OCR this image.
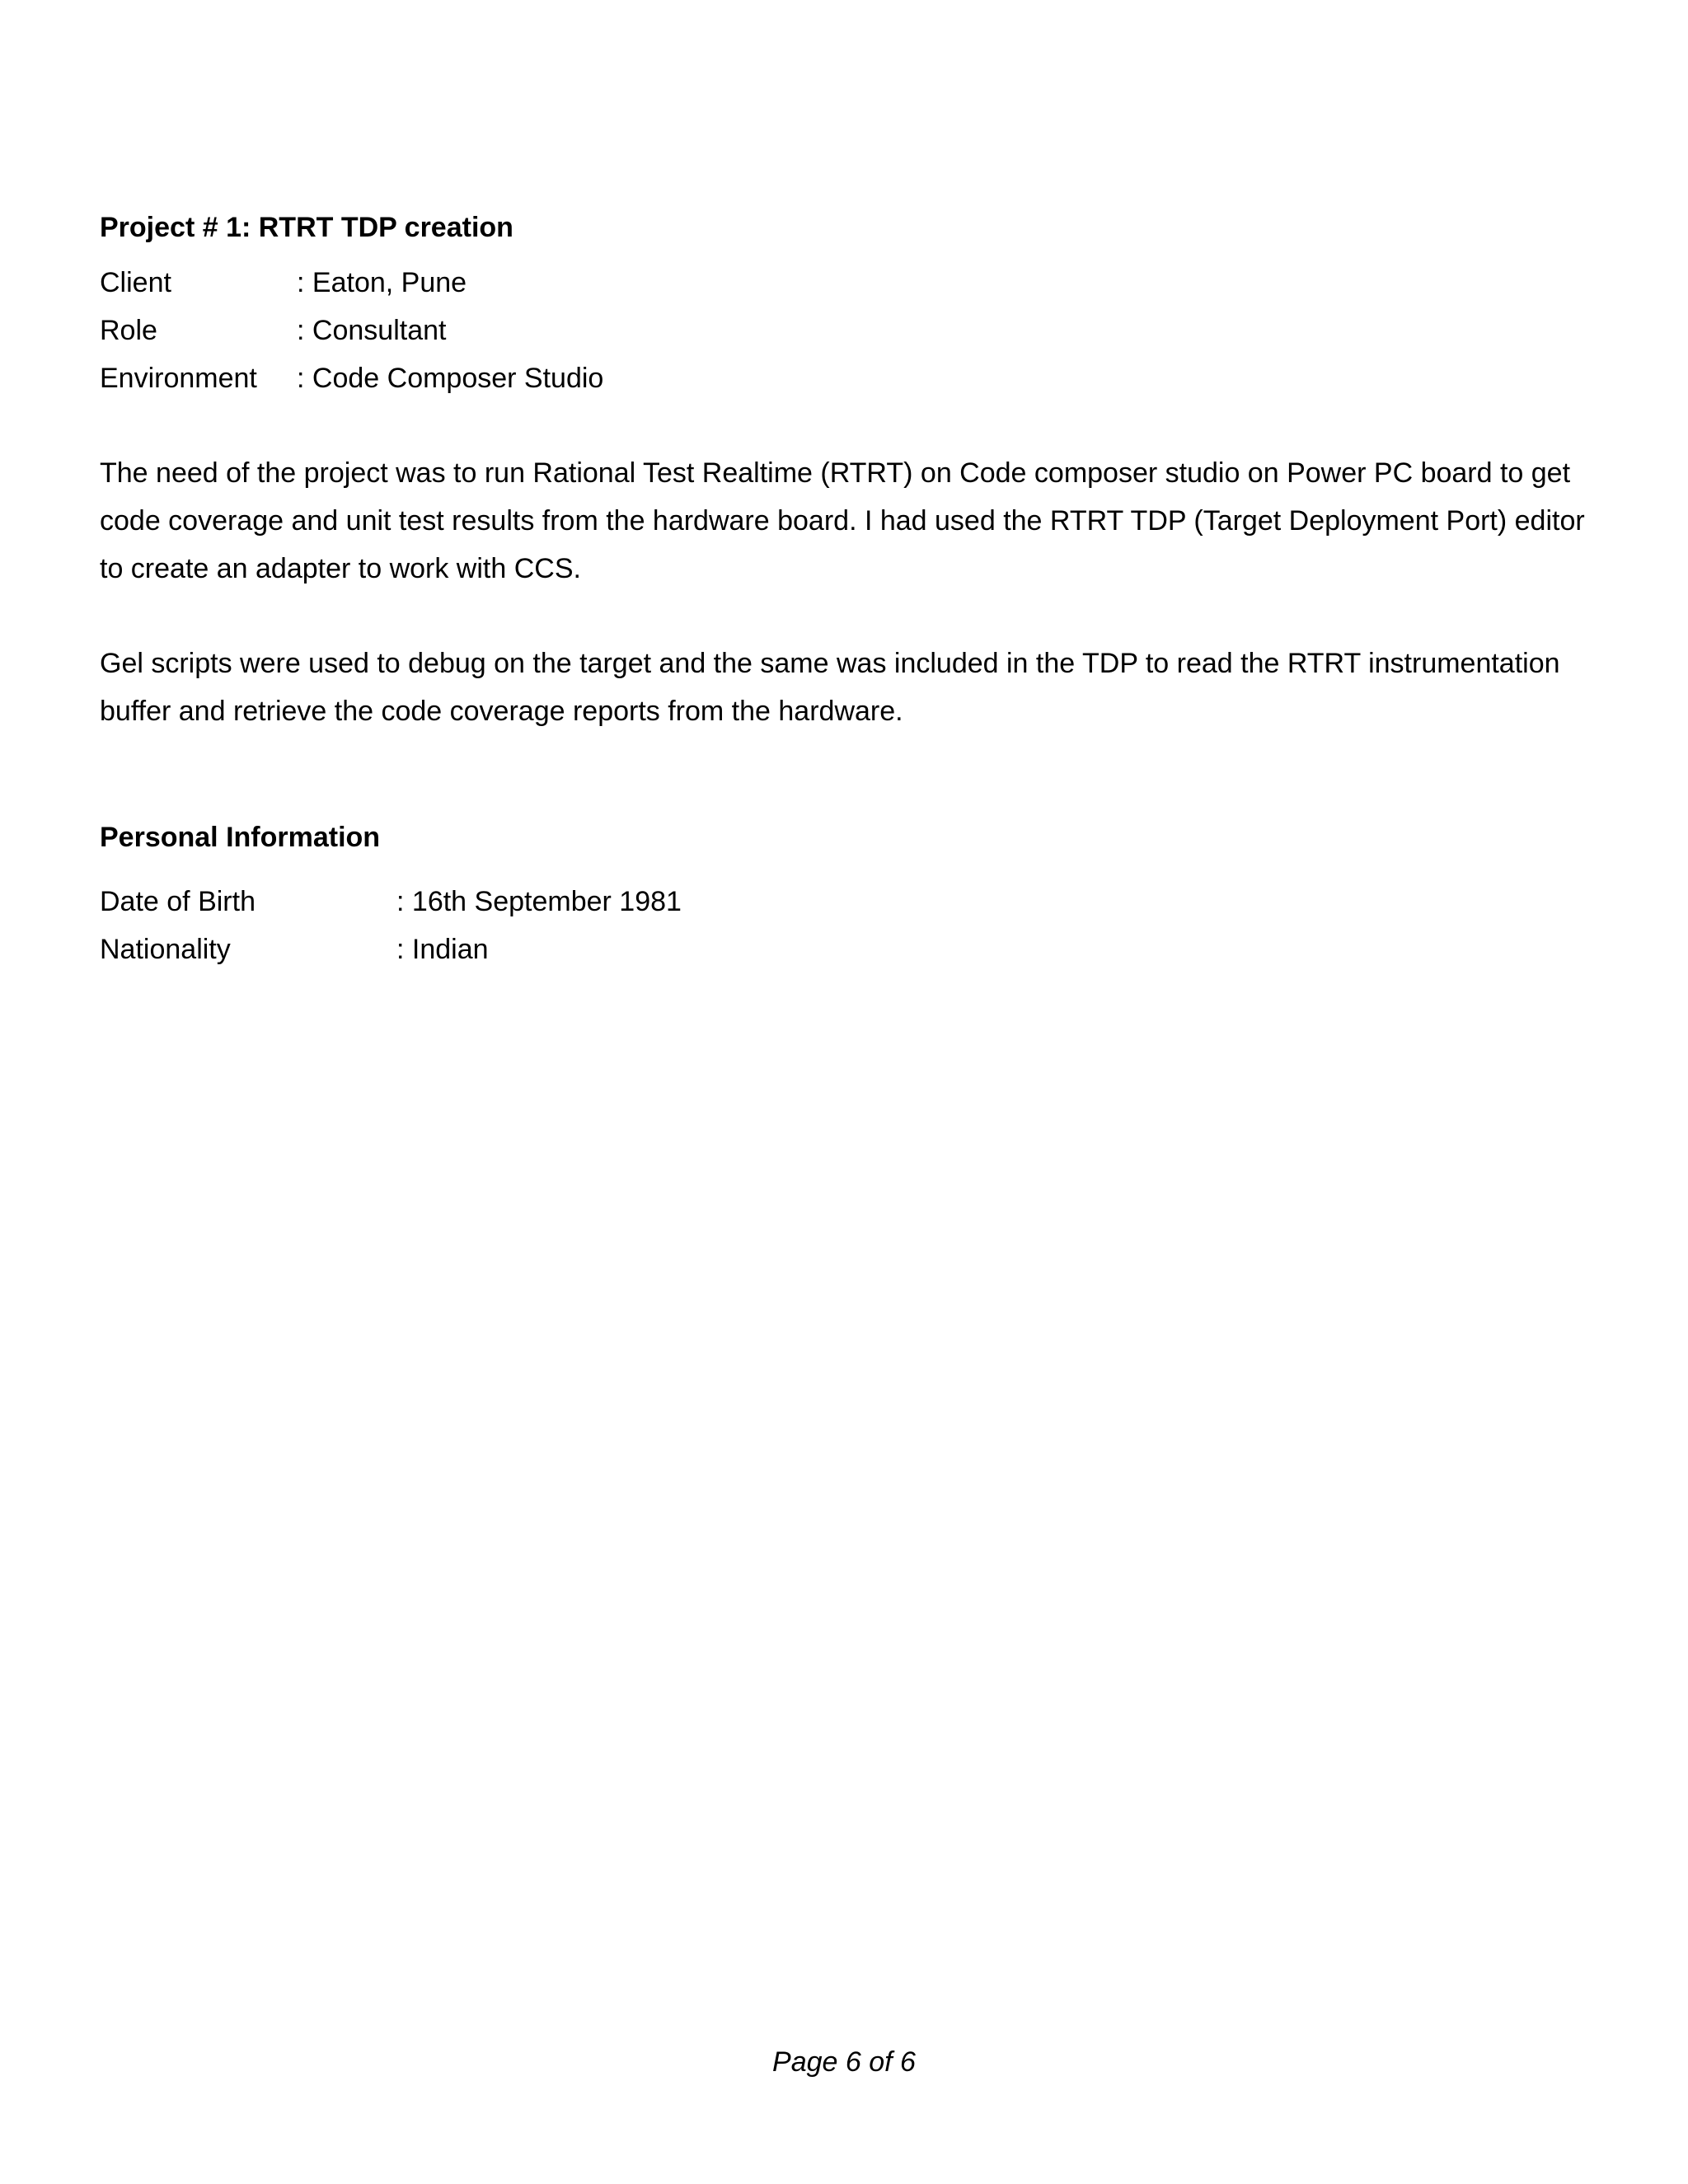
Project # 1: RTRT TDP creation
Client	: Eaton, Pune
Role	: Consultant
Environment	: Code Composer Studio

The need of the project was to run Rational Test Realtime (RTRT) on Code composer studio on Power PC board to get code coverage and unit test results from the hardware board. I had used the RTRT TDP (Target Deployment Port) editor to create an adapter to work with CCS.

Gel scripts were used to debug on the target and the same was included in the TDP to read the RTRT instrumentation buffer and retrieve the code coverage reports from the hardware.

Personal Information
Date of Birth	: 16th September 1981
Nationality	: Indian
Page 6 of 6
